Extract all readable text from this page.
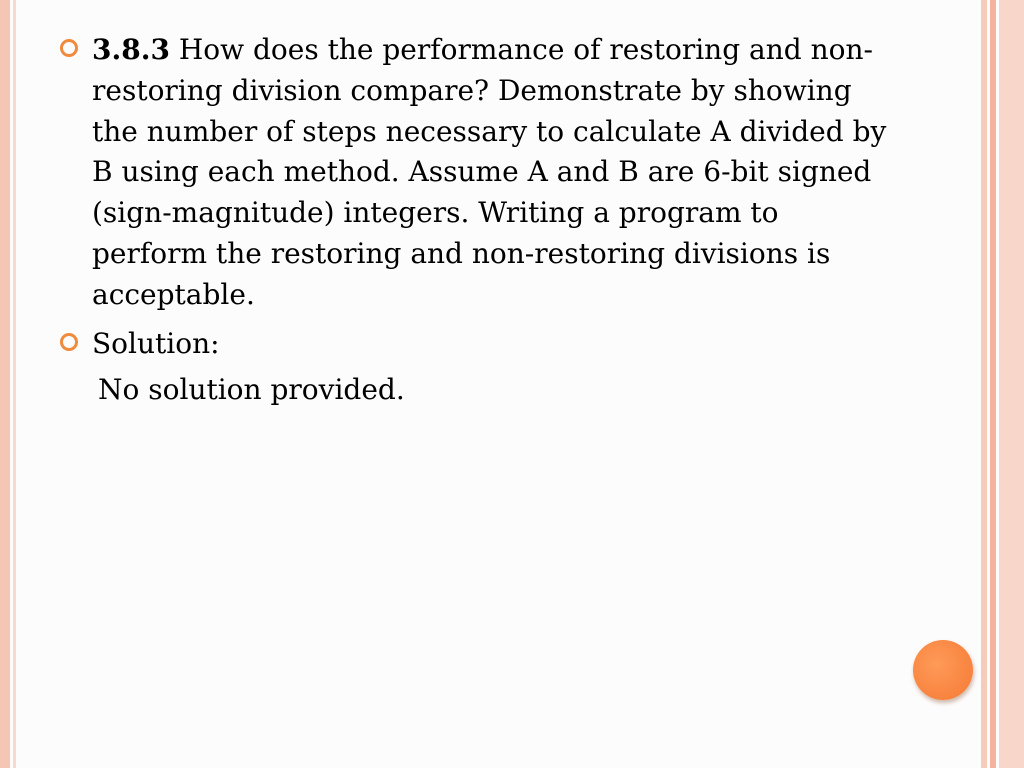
3.8.3 How does the performance of restoring and non-restoring division compare? Demonstrate by showing the number of steps necessary to calculate A divided by B using each method. Assume A and B are 6-bit signed (sign-magnitude) integers. Writing a program to perform the restoring and non-restoring divisions is acceptable.

Solution:

No solution provided.
